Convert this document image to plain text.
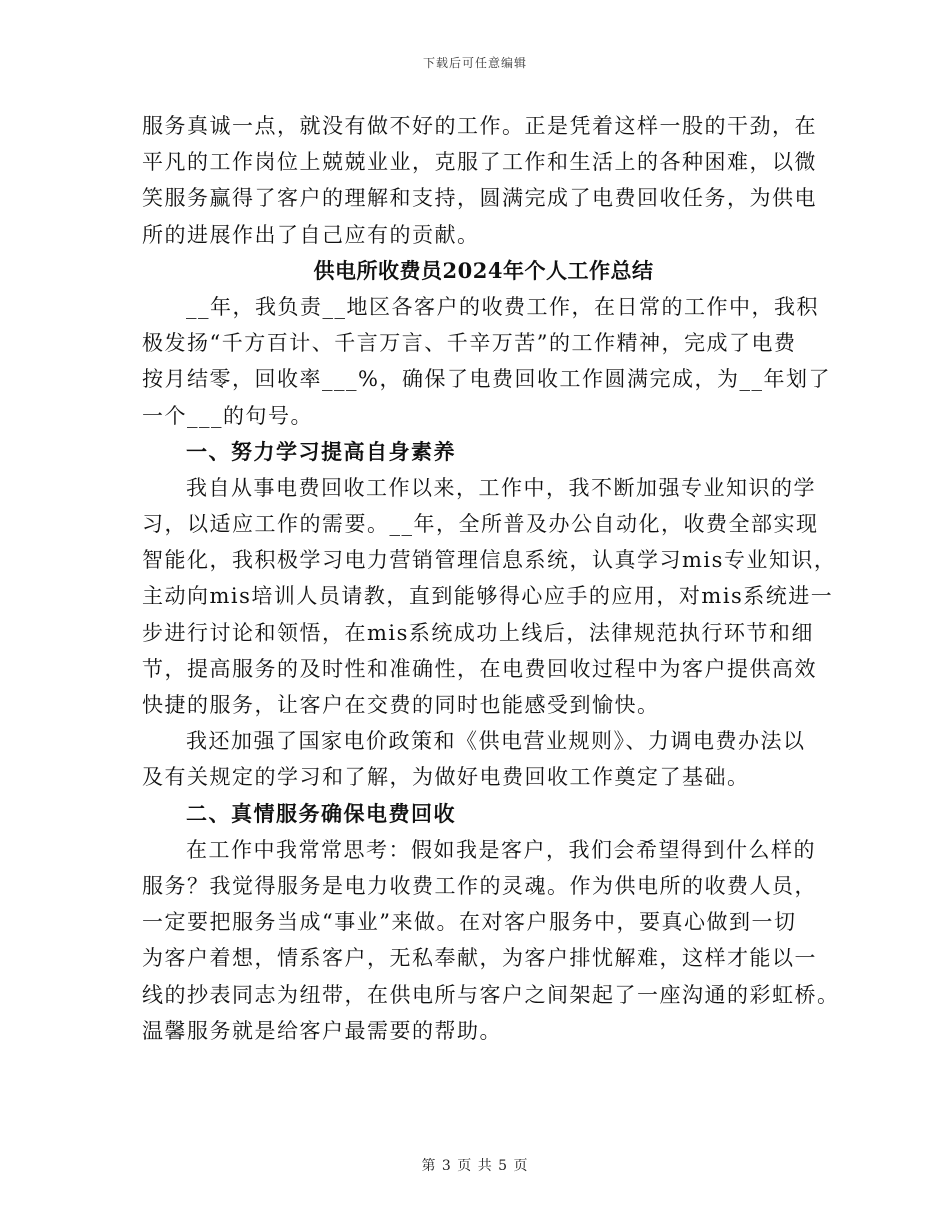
下载后可任意编辑
服务真诚一点，就没有做不好的工作。正是凭着这样一股的干劲，在
平凡的工作岗位上兢兢业业，克服了工作和生活上的各种困难，以微
笑服务赢得了客户的理解和支持，圆满完成了电费回收任务，为供电
所的进展作出了自己应有的贡献。
供电所收费员2024年个人工作总结
__年，我负责__地区各客户的收费工作，在日常的工作中，我积
极发扬“千方百计、千言万言、千辛万苦”的工作精神，完成了电费
按月结零，回收率___%，确保了电费回收工作圆满完成，为__年划了
一个___的句号。
一、努力学习提高自身素养
我自从事电费回收工作以来，工作中，我不断加强专业知识的学
习，以适应工作的需要。__年，全所普及办公自动化，收费全部实现
智能化，我积极学习电力营销管理信息系统，认真学习mis专业知识，
主动向mis培训人员请教，直到能够得心应手的应用，对mis系统进一
步进行讨论和领悟，在mis系统成功上线后，法律规范执行环节和细
节，提高服务的及时性和准确性，在电费回收过程中为客户提供高效
快捷的服务，让客户在交费的同时也能感受到愉快。
我还加强了国家电价政策和《供电营业规则》、力调电费办法以
及有关规定的学习和了解，为做好电费回收工作奠定了基础。
二、真情服务确保电费回收
在工作中我常常思考：假如我是客户，我们会希望得到什么样的
服务？我觉得服务是电力收费工作的灵魂。作为供电所的收费人员，
一定要把服务当成“事业”来做。在对客户服务中，要真心做到一切
为客户着想，情系客户，无私奉献，为客户排忧解难，这样才能以一
线的抄表同志为纽带，在供电所与客户之间架起了一座沟通的彩虹桥。
温馨服务就是给客户最需要的帮助。
第 3 页 共 5 页
